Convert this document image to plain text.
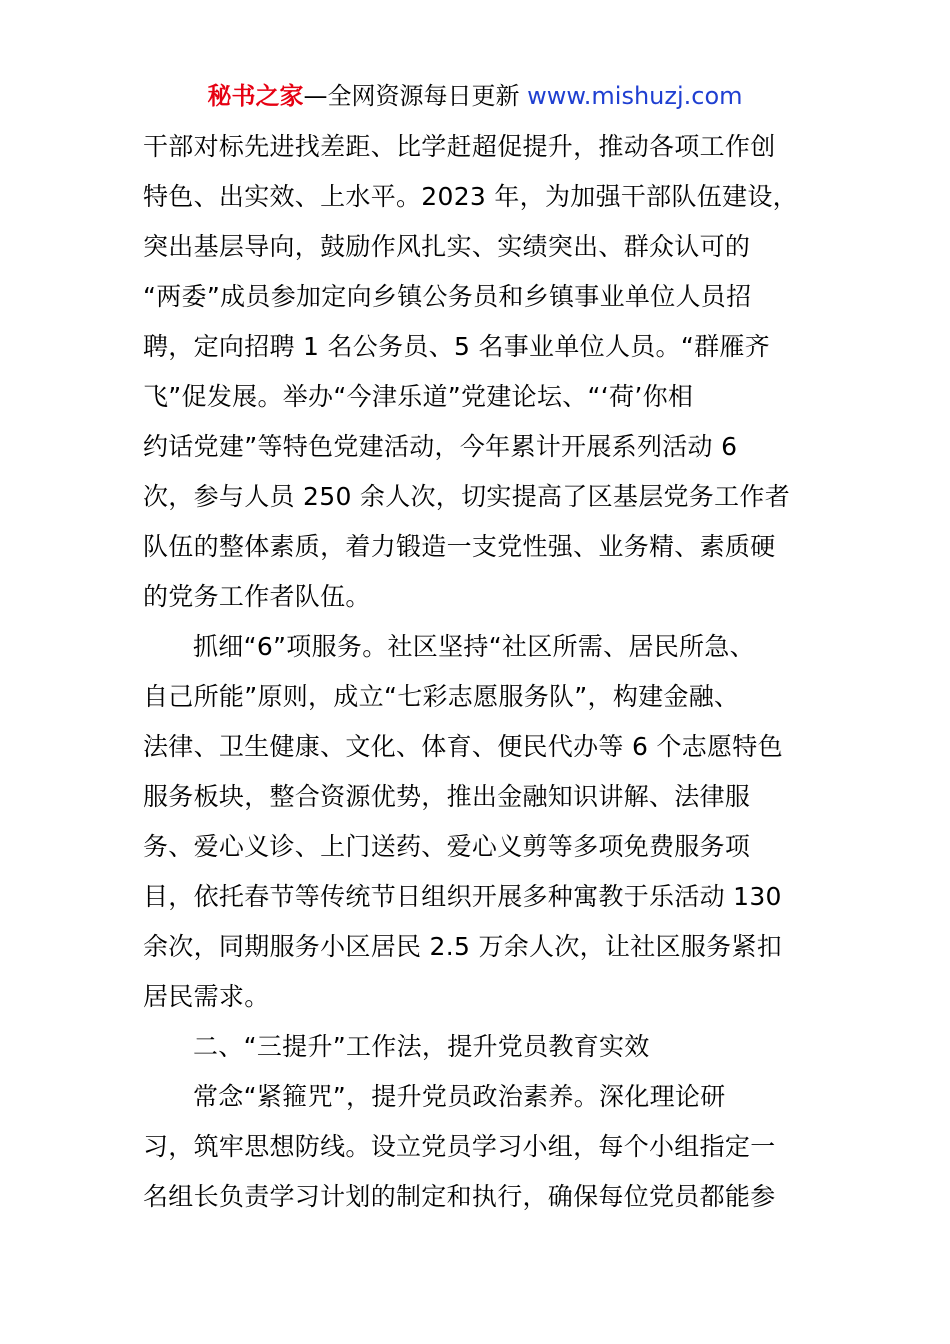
秘书之家—全网资源每日更新 www.mishuzj.com
干部对标先进找差距、比学赶超促提升，推动各项工作创
特色、出实效、上水平。2023 年，为加强干部队伍建设，
突出基层导向，鼓励作风扎实、实绩突出、群众认可的
“两委”成员参加定向乡镇公务员和乡镇事业单位人员招
聘，定向招聘 1 名公务员、5 名事业单位人员。“群雁齐
飞”促发展。举办“今津乐道”党建论坛、“‘荷’你相
约话党建”等特色党建活动，今年累计开展系列活动 6
次，参与人员 250 余人次，切实提高了区基层党务工作者
队伍的整体素质，着力锻造一支党性强、业务精、素质硬
的党务工作者队伍。
抓细“6”项服务。社区坚持“社区所需、居民所急、
自己所能”原则，成立“七彩志愿服务队”，构建金融、
法律、卫生健康、文化、体育、便民代办等 6 个志愿特色
服务板块，整合资源优势，推出金融知识讲解、法律服
务、爱心义诊、上门送药、爱心义剪等多项免费服务项
目，依托春节等传统节日组织开展多种寓教于乐活动 130
余次，同期服务小区居民 2.5 万余人次，让社区服务紧扣
居民需求。
二、“三提升”工作法，提升党员教育实效
常念“紧箍咒”，提升党员政治素养。深化理论研
习，筑牢思想防线。设立党员学习小组，每个小组指定一
名组长负责学习计划的制定和执行，确保每位党员都能参
